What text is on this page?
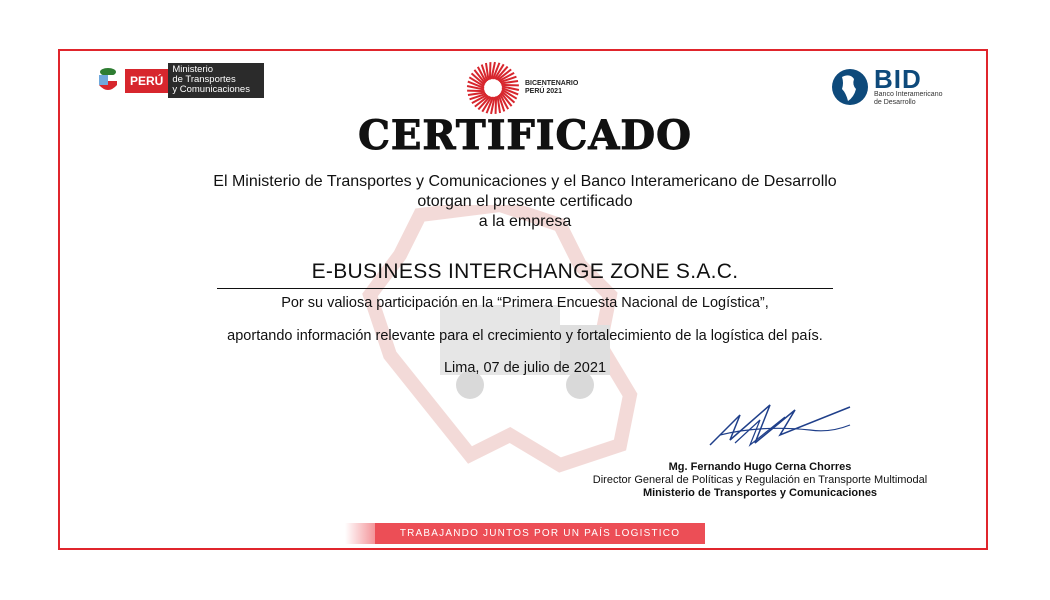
PERÚ
Ministerio
de Transportes
y Comunicaciones
BICENTENARIO
PERÚ 2021	BID
Banco Interamericano
de Desarrollo
CERTIFICADO
El Ministerio de Transportes y Comunicaciones y el Banco Interamericano de Desarrollo
otorgan el presente certificado
a la empresa
E-BUSINESS INTERCHANGE ZONE S.A.C.
Por su valiosa participación en la “Primera Encuesta Nacional de Logística”,
aportando información relevante para el crecimiento y fortalecimiento de la logística del país.
Lima, 07 de julio de 2021
Mg. Fernando Hugo Cerna Chorres
Director General de Políticas y Regulación en Transporte Multimodal
Ministerio de Transportes y Comunicaciones
TRABAJANDO JUNTOS POR UN PAÍS LOGISTICO
